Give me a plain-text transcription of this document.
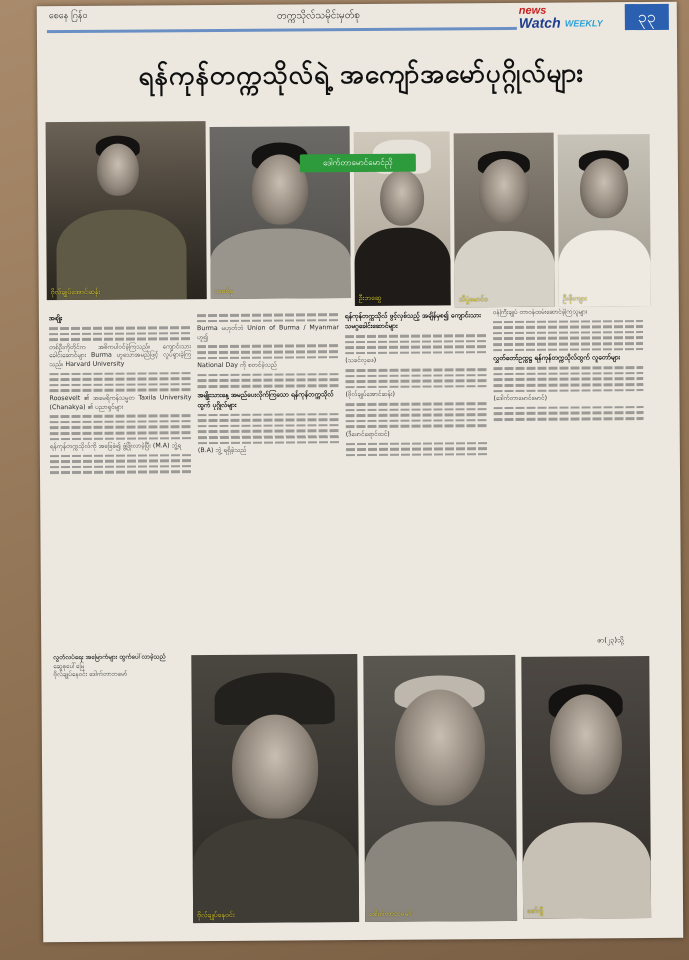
စေနေ ဂြန်ဝ	တက္ကသိုလ်သမိုင်းမှတ်စု	news
Watch WEEKLY	၃၃
ရန်ကုန်တက္ကသိုလ်ရဲ့ အကျော်အမော်ပုဂ္ဂိုလ်များ
ဗိုလ်ချုပ်အောင်ဆန်း	သခင်နု
ဦးဘဆွေ	သိပ္ပံမောင်ဝ	ဦးဖိုးကျား
ဒေါက်တာမောင်မောင်ညို
အစျိုး

တစ်ဦးကိုတိုင်က အဓိကပါဝင်ခဲ့ကြသည်။ ကျောင်းသားခေါင်းဆောင်များ Burma ဟူသောအမည်ဖြင့် လှုပ်ရှားခဲ့ကြသည်။ Harvard University

Roosevelt ၏ အမေရိကန်သမ္မတ Taxila University (Chanakya) ၏ ပညာရှင်များ

ရန်ကုန်တက္ကသိုလ်ကို အခြေခံ၍ ဖွံ့ဖြိုးလာခဲ့ပြီး (M.A) ဘွဲ့ရ

Burma မဟုတ်ဘဲ Union of Burma / Myanmar ဟူ၍

National Day ကို စတင်ခဲ့သည်

အမျိုးသားနေ့ အမည်ပေးလိုက်ကြသော ရန်ကုန်တက္ကသိုလ်ထွက် ပုဂ္ဂိုလ်များ

(B.A) ဘွဲ့ ရရှိခဲ့သည်

ရန်ကုန်တက္ကသိုလ် ဖွင့်လှစ်သည့် အချိန်မှစ၍ ကျောင်းသား သမဂ္ဂခေါင်းဆောင်များ

(သခင်လှဖေ)

(ဗိုလ်ချုပ်အောင်ဆန်း)

(ဒီဖောင်ရောင်ထင်)

ဝန်ကြီးချုပ် တာဝန်ထမ်းဆောင်ခဲ့ကြသူများ

လွှတ်တော်ဥက္ကဋ္ဌ ရန်ကုန်တက္ကသိုလ်ထွက် လူတော်များ

(ဒေါက်တာမောင်မောင်)

ဇာ(၂၃)သို့

လွတ်လပ်ရေး အမြောက်များ ထွက်ပေါ်လာခဲ့သည်

ဆွေစုပေါ်မြေ

ဗိုလ်ချုပ်နေဝင်း ဒေါက်တာဘမော်

ဗိုလ်ချုပ်နေဝင်း	ဒေါက်တာဘမော်	ဇော်ဂျီ
